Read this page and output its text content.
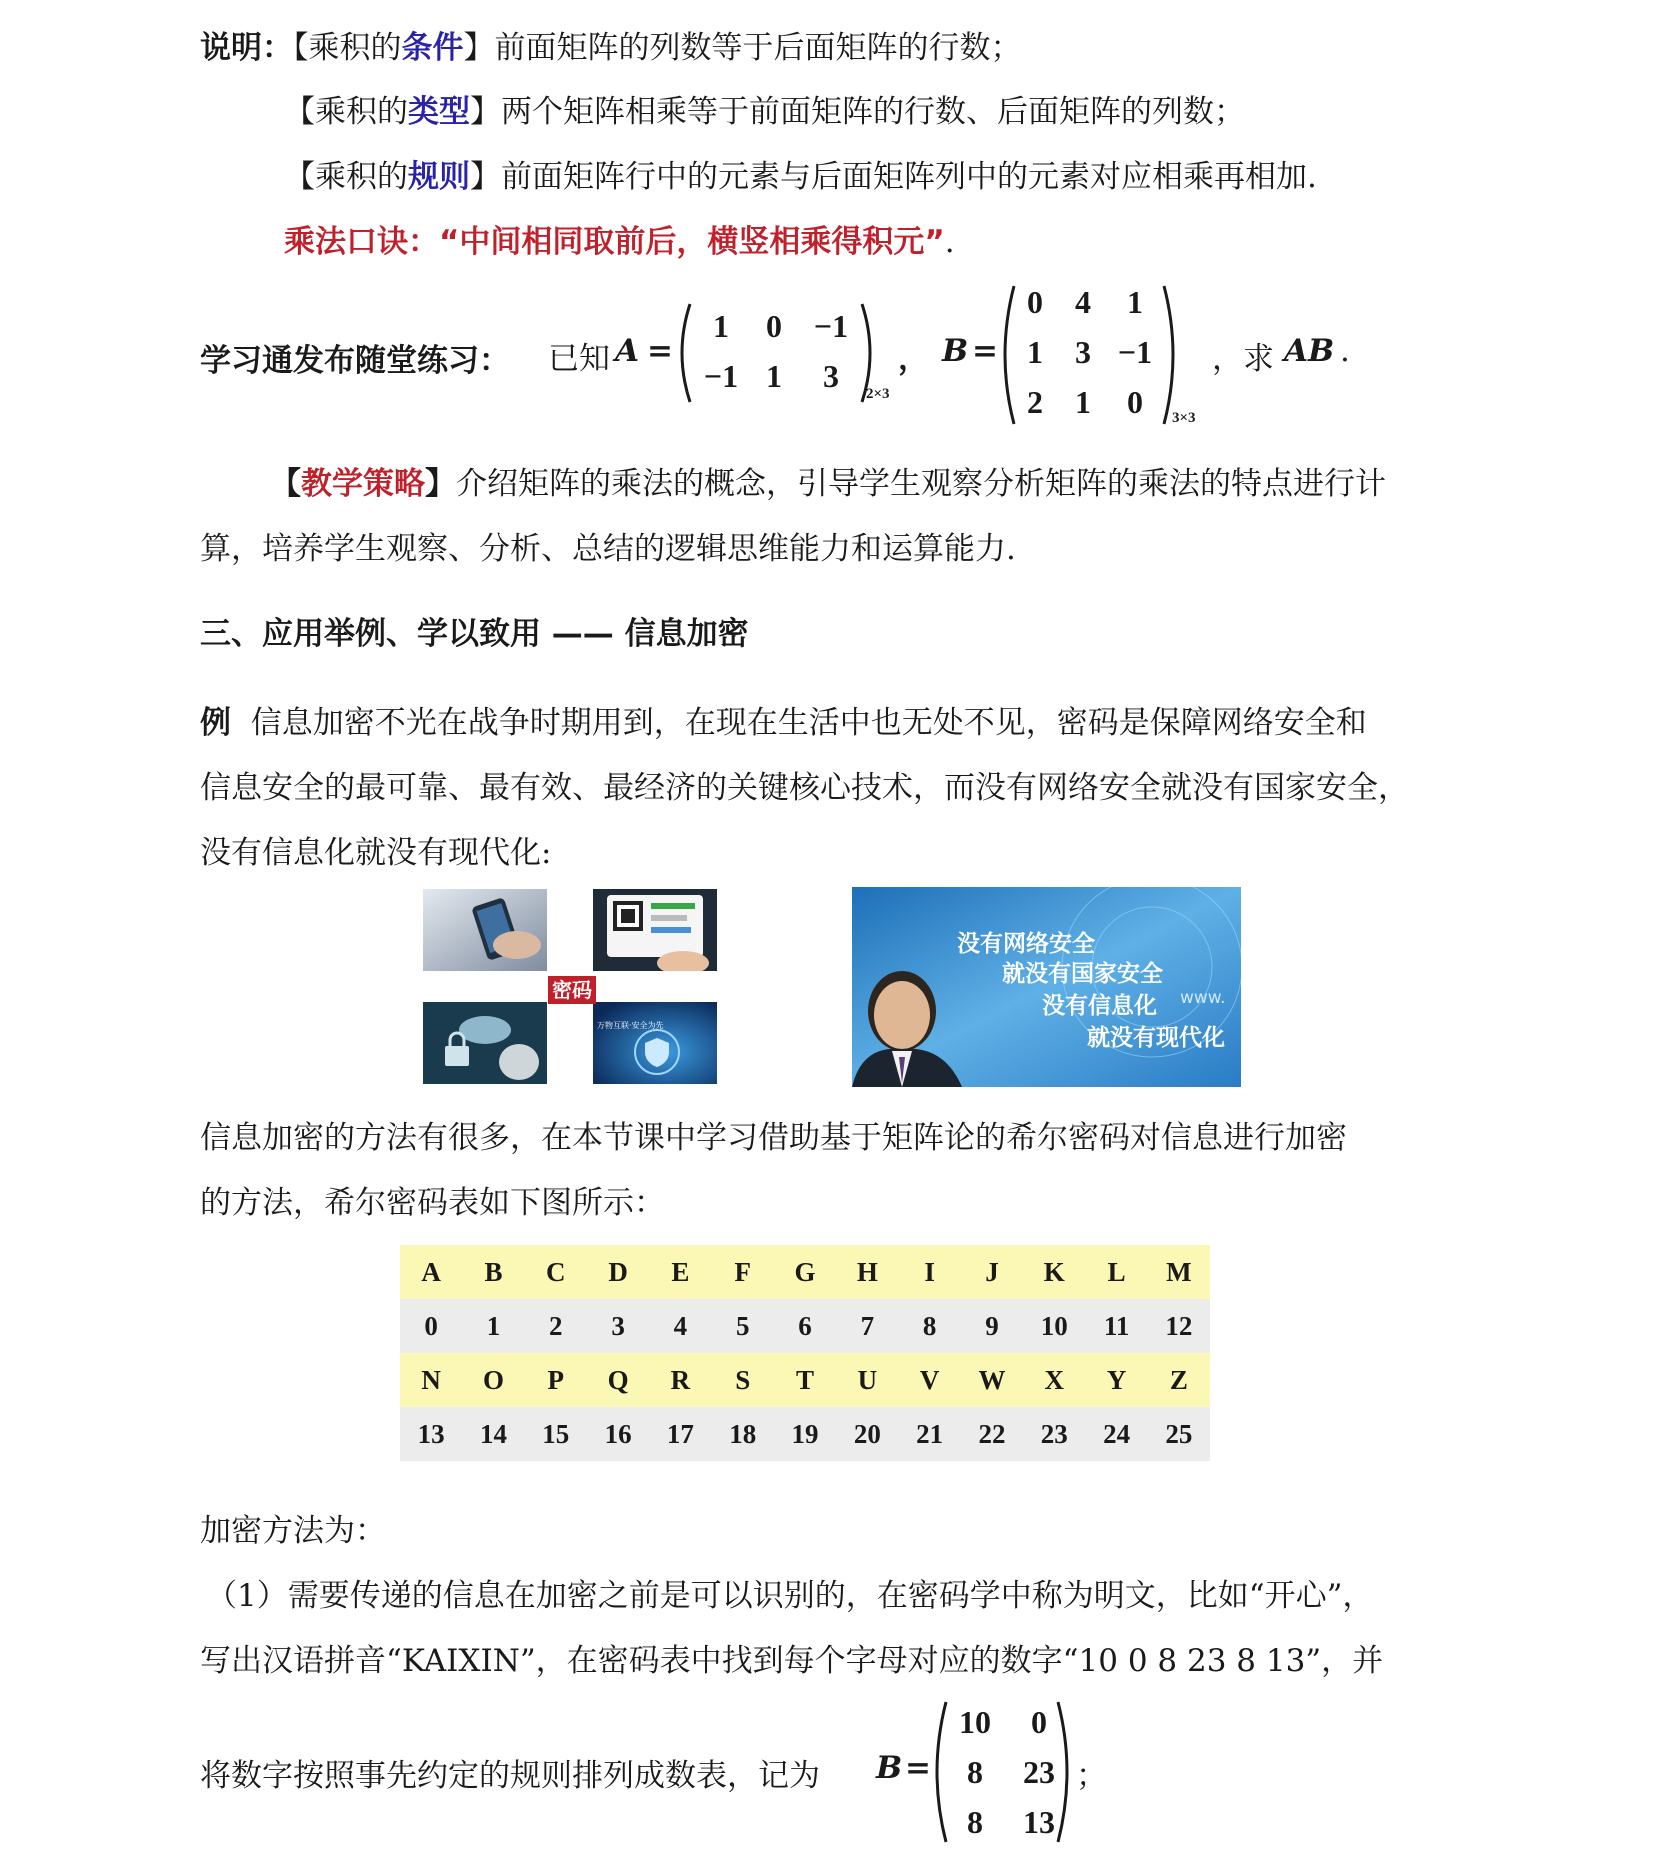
说明：【乘积的条件】前面矩阵的列数等于后面矩阵的行数；
【乘积的类型】两个矩阵相乘等于前面矩阵的行数、后面矩阵的列数；
【乘积的规则】前面矩阵行中的元素与后面矩阵列中的元素对应相乘再相加.
乘法口诀：“中间相同取前后，横竖相乘得积元”.
学习通发布随堂练习： 已知 A =
1	0 −1
−1 1	3	2×3
， B =
0	4	1
1	3 −1
2	1	0	3×3
，求 AB .
【教学策略】介绍矩阵的乘法的概念，引导学生观察分析矩阵的乘法的特点进行计
算，培养学生观察、分析、总结的逻辑思维能力和运算能力.
三、应用举例、学以致用 —— 信息加密
例 信息加密不光在战争时期用到，在现在生活中也无处不见，密码是保障网络安全和
信息安全的最可靠、最有效、最经济的关键核心技术，而没有网络安全就没有国家安全，
没有信息化就没有现代化:
万物互联·安全为先
密码
没有网络安全
就没有国家安全
没有信息化
就没有现代化
www.
信息加密的方法有很多，在本节课中学习借助基于矩阵论的希尔密码对信息进行加密
的方法，希尔密码表如下图所示：
A	B	C	D	E	F	G	H	I	J	K	L	M
0	1	2	3	4	5	6	7	8	9	10	11	12
N	O	P	Q	R	S	T	U	V	W	X	Y	Z
13	14	15	16	17	18	19	20	21	22	23	24	25
加密方法为：
（1）需要传递的信息在加密之前是可以识别的，在密码学中称为明文，比如“开心”，
写出汉语拼音“KAIXIN”，在密码表中找到每个字母对应的数字“10 0 8 23 8 13”，并
将数字按照事先约定的规则排列成数表，记为 B =
10	0
8	23
8	13
；
